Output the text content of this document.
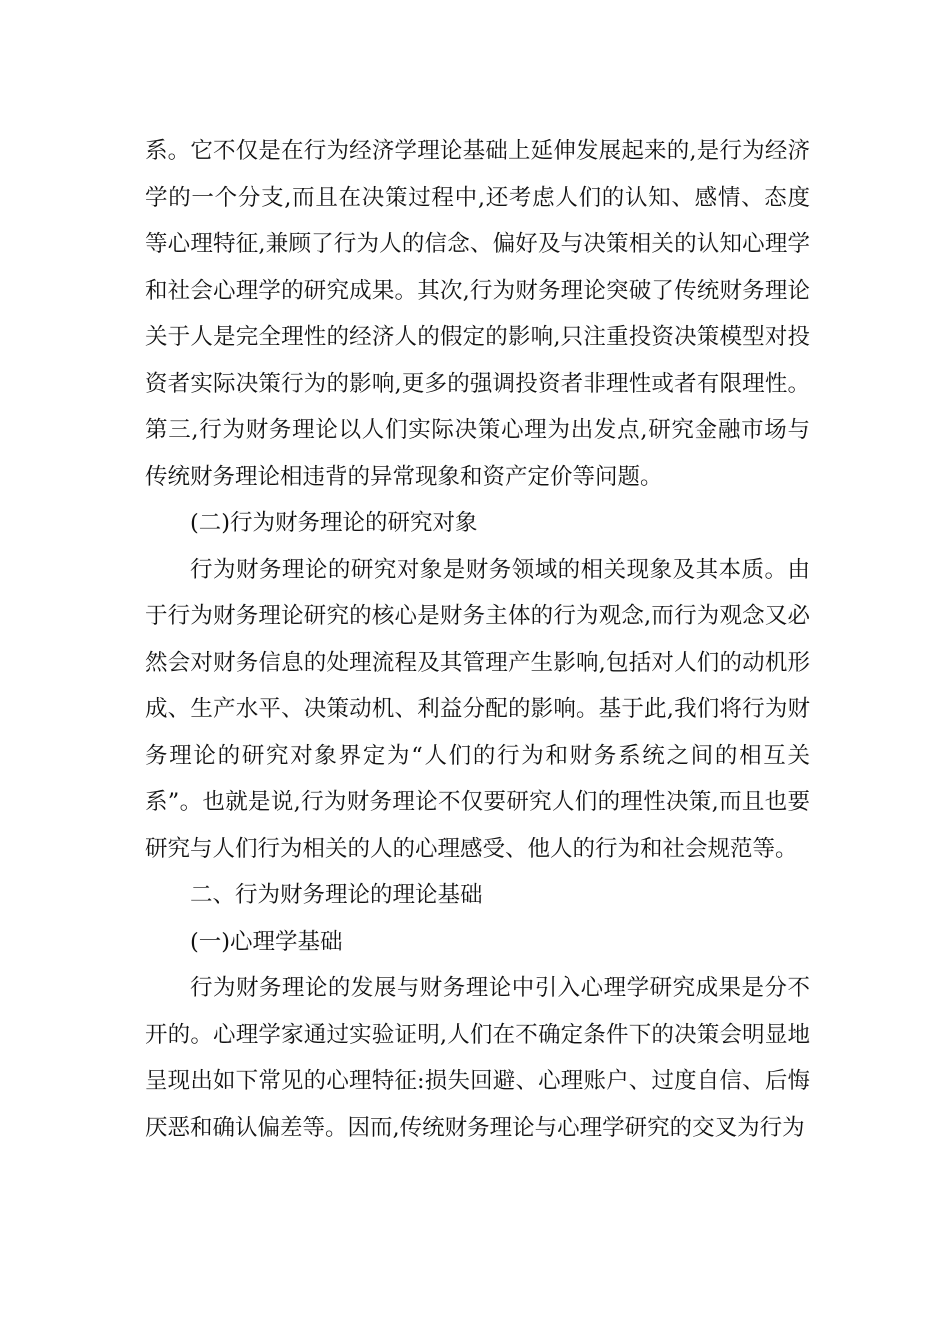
系。它不仅是在行为经济学理论基础上延伸发展起来的,是行为经济学的一个分支,而且在决策过程中,还考虑人们的认知、感情、态度等心理特征,兼顾了行为人的信念、偏好及与决策相关的认知心理学和社会心理学的研究成果。其次,行为财务理论突破了传统财务理论关于人是完全理性的经济人的假定的影响,只注重投资决策模型对投资者实际决策行为的影响,更多的强调投资者非理性或者有限理性。第三,行为财务理论以人们实际决策心理为出发点,研究金融市场与传统财务理论相违背的异常现象和资产定价等问题。

(二)行为财务理论的研究对象

行为财务理论的研究对象是财务领域的相关现象及其本质。由于行为财务理论研究的核心是财务主体的行为观念,而行为观念又必然会对财务信息的处理流程及其管理产生影响,包括对人们的动机形成、生产水平、决策动机、利益分配的影响。基于此,我们将行为财务理论的研究对象界定为“人们的行为和财务系统之间的相互关系”。也就是说,行为财务理论不仅要研究人们的理性决策,而且也要研究与人们行为相关的人的心理感受、他人的行为和社会规范等。

二、行为财务理论的理论基础

(一)心理学基础

行为财务理论的发展与财务理论中引入心理学研究成果是分不开的。心理学家通过实验证明,人们在不确定条件下的决策会明显地呈现出如下常见的心理特征:损失回避、心理账户、过度自信、后悔厌恶和确认偏差等。因而,传统财务理论与心理学研究的交叉为行为
